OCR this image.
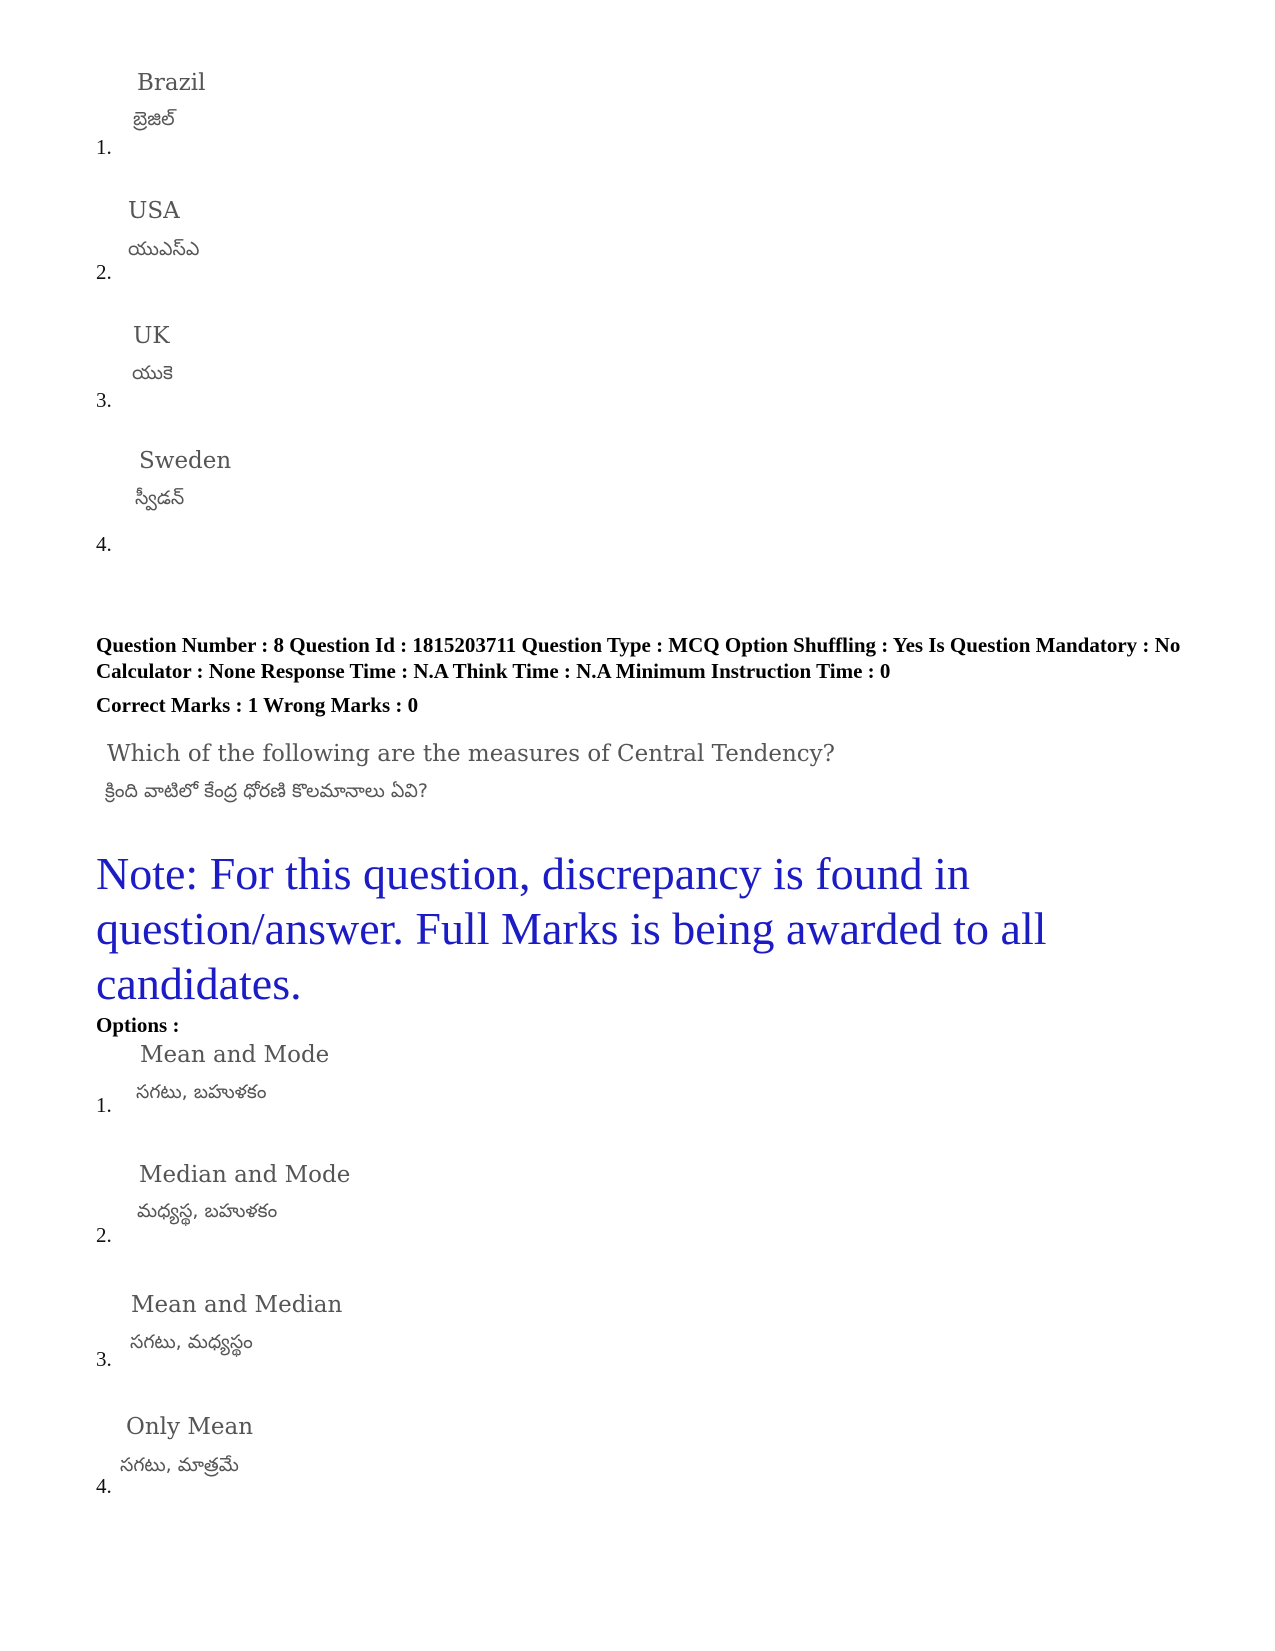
Brazil
బ్రెజిల్
1.
USA
యుఎస్ఎ
2.
UK
యుకె
3.
Sweden
స్వీడన్
4.
Question Number : 8 Question Id : 1815203711 Question Type : MCQ Option Shuffling : Yes Is Question Mandatory : No Calculator : None Response Time : N.A Think Time : N.A Minimum Instruction Time : 0
Correct Marks : 1 Wrong Marks : 0
Which of the following are the measures of Central Tendency?
క్రింది వాటిలో కేంద్ర ధోరణి కొలమానాలు ఏవి?
Note: For this question, discrepancy is found in question/answer. Full Marks is being awarded to all candidates.
Options :
Mean and Mode
సగటు, బహుళకం
1.
Median and Mode
మధ్యస్థ, బహుళకం
2.
Mean and Median
సగటు, మధ్యస్థం
3.
Only Mean
సగటు, మాత్రమే
4.
